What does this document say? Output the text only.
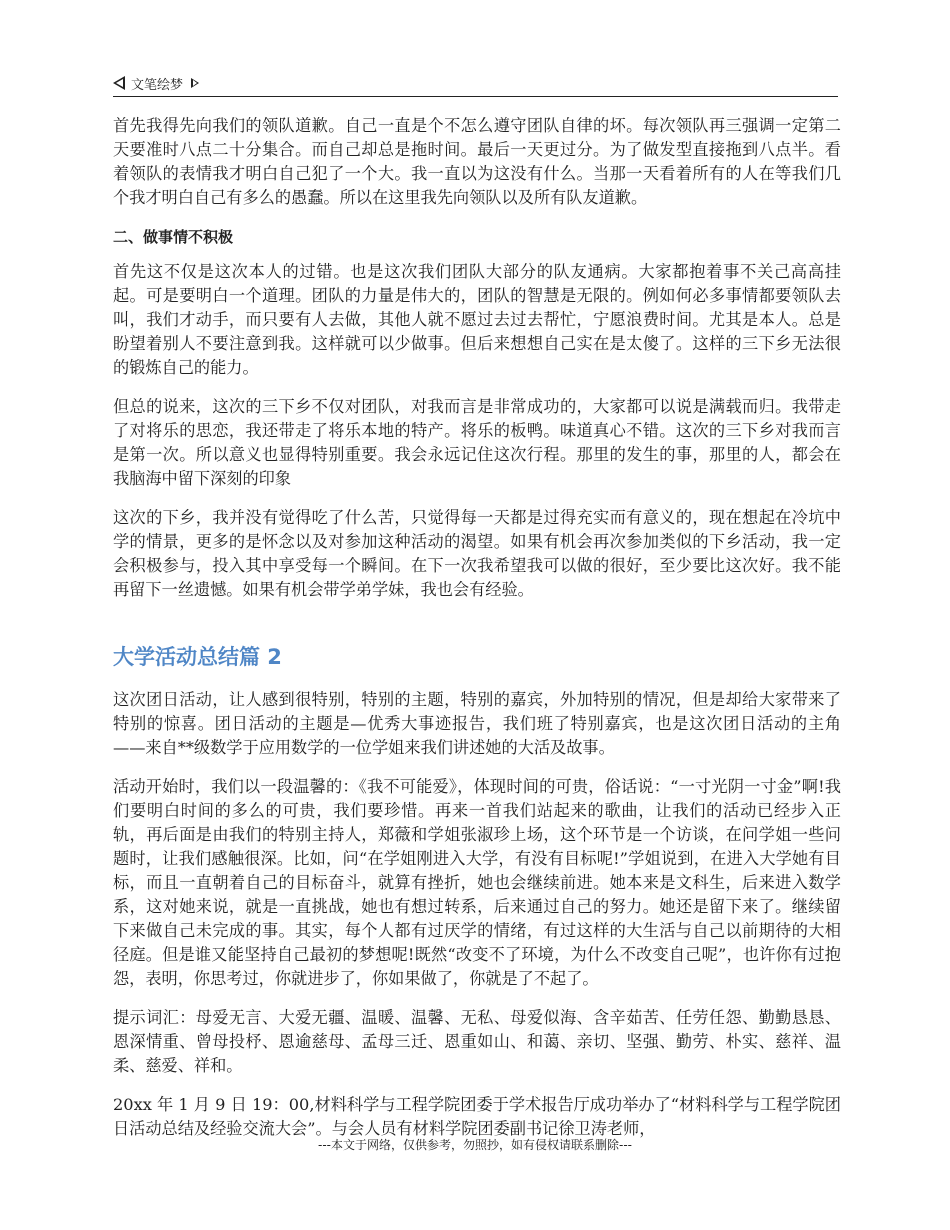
文笔绘梦

首先我得先向我们的领队道歉。自己一直是个不怎么遵守团队自律的坏。每次领队再三强调一定第二天要准时八点二十分集合。而自己却总是拖时间。最后一天更过分。为了做发型直接拖到八点半。看着领队的表情我才明白自己犯了一个大。我一直以为这没有什么。当那一天看着所有的人在等我们几个我才明白自己有多么的愚蠢。所以在这里我先向领队以及所有队友道歉。

二、做事情不积极

首先这不仅是这次本人的过错。也是这次我们团队大部分的队友通病。大家都抱着事不关己高高挂起。可是要明白一个道理。团队的力量是伟大的，团队的智慧是无限的。例如何必多事情都要领队去叫，我们才动手，而只要有人去做，其他人就不愿过去过去帮忙，宁愿浪费时间。尤其是本人。总是盼望着别人不要注意到我。这样就可以少做事。但后来想想自己实在是太傻了。这样的三下乡无法很的锻炼自己的能力。

但总的说来，这次的三下乡不仅对团队，对我而言是非常成功的，大家都可以说是满载而归。我带走了对将乐的思恋，我还带走了将乐本地的特产。将乐的板鸭。味道真心不错。这次的三下乡对我而言是第一次。所以意义也显得特别重要。我会永远记住这次行程。那里的发生的事，那里的人，都会在我脑海中留下深刻的印象

这次的下乡，我并没有觉得吃了什么苦，只觉得每一天都是过得充实而有意义的，现在想起在冷坑中学的情景，更多的是怀念以及对参加这种活动的渴望。如果有机会再次参加类似的下乡活动，我一定会积极参与，投入其中享受每一个瞬间。在下一次我希望我可以做的很好，至少要比这次好。我不能再留下一丝遗憾。如果有机会带学弟学妹，我也会有经验。

大学活动总结篇 2

这次团日活动，让人感到很特别，特别的主题，特别的嘉宾，外加特别的情况，但是却给大家带来了特别的惊喜。团日活动的主题是—优秀大事迹报告，我们班了特别嘉宾，也是这次团日活动的主角——来自**级数学于应用数学的一位学姐来我们讲述她的大活及故事。

活动开始时，我们以一段温馨的：《我不可能爱》，体现时间的可贵，俗话说：“一寸光阴一寸金”啊!我们要明白时间的多么的可贵，我们要珍惜。再来一首我们站起来的歌曲，让我们的活动已经步入正轨，再后面是由我们的特别主持人，郑薇和学姐张淑珍上场，这个环节是一个访谈，在问学姐一些问题时，让我们感触很深。比如，问“在学姐刚进入大学，有没有目标呢!”学姐说到，在进入大学她有目标，而且一直朝着自己的目标奋斗，就算有挫折，她也会继续前进。她本来是文科生，后来进入数学系，这对她来说，就是一直挑战，她也有想过转系，后来通过自己的努力。她还是留下来了。继续留下来做自己未完成的事。其实，每个人都有过厌学的情绪，有过这样的大生活与自己以前期待的大相径庭。但是谁又能坚持自己最初的梦想呢!既然“改变不了环境，为什么不改变自己呢”，也许你有过抱怨，表明，你思考过，你就进步了，你如果做了，你就是了不起了。

提示词汇：母爱无言、大爱无疆、温暖、温馨、无私、母爱似海、含辛茹苦、任劳任怨、勤勤恳恳、恩深情重、曾母投杼、恩逾慈母、孟母三迁、恩重如山、和蔼、亲切、坚强、勤劳、朴实、慈祥、温柔、慈爱、祥和。

20xx 年 1 月 9 日 19：00,材料科学与工程学院团委于学术报告厅成功举办了“材料科学与工程学院团日活动总结及经验交流大会”。与会人员有材料学院团委副书记徐卫涛老师，

---本文于网络，仅供参考，勿照抄，如有侵权请联系删除---
